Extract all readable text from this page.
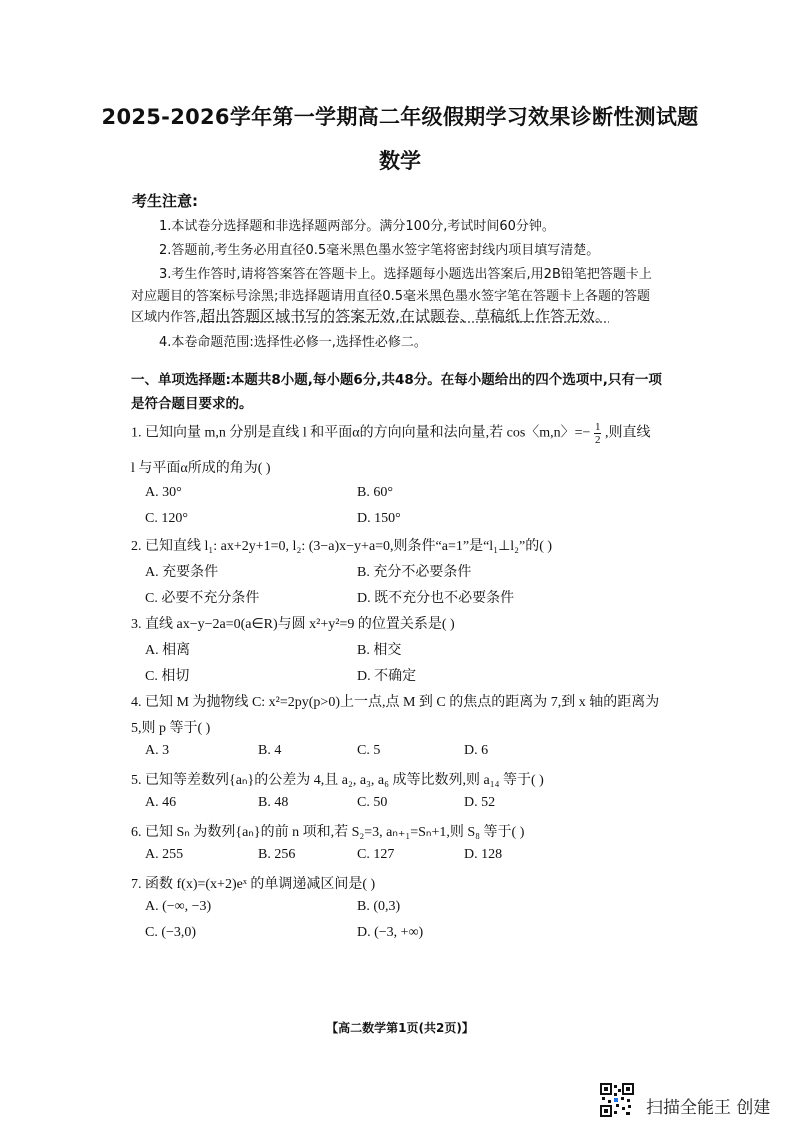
2025-2026学年第一学期高二年级假期学习效果诊断性测试题
数学
考生注意:
1.本试卷分选择题和非选择题两部分。满分100分,考试时间60分钟。
2.答题前,考生务必用直径0.5毫米黑色墨水签字笔将密封线内项目填写清楚。
3.考生作答时,请将答案答在答题卡上。选择题每小题选出答案后,用2B铅笔把答题卡上
对应题目的答案标号涂黑;非选择题请用直径0.5毫米黑色墨水签字笔在答题卡上各题的答题
区域内作答,超出答题区域书写的答案无效,在试题卷、草稿纸上作答无效。
4.本卷命题范围:选择性必修一,选择性必修二。
一、单项选择题:本题共8小题,每小题6分,共48分。在每小题给出的四个选项中,只有一项
是符合题目要求的。
1. 已知向量 m,n 分别是直线 l 和平面α的方向向量和法向量,若 cos〈m,n〉=− $\frac{1}{2}$ ,则直线
l 与平面α所成的角为( )
A. 30°	B. 60°
C. 120°	D. 150°
2. 已知直线 l₁: ax+2y+1=0, l₂: (3−a)x−y+a=0,则条件“a=1”是“l₁⊥l₂”的( )
A. 充要条件	B. 充分不必要条件
C. 必要不充分条件	D. 既不充分也不必要条件
3. 直线 ax−y−2a=0(a∈R)与圆 x²+y²=9 的位置关系是( )
A. 相离	B. 相交
C. 相切	D. 不确定
4. 已知 M 为抛物线 C: x²=2py(p>0)上一点,点 M 到 C 的焦点的距离为 7,到 x 轴的距离为
5,则 p 等于( )
A. 3	B. 4	C. 5	D. 6
5. 已知等差数列{aₙ}的公差为 4,且 a₂, a₃, a₆ 成等比数列,则 a₁₄ 等于( )
A. 46	B. 48	C. 50	D. 52
6. 已知 Sₙ 为数列{aₙ}的前 n 项和,若 S₂=3, aₙ₊₁=Sₙ+1,则 S₈ 等于( )
A. 255	B. 256	C. 127	D. 128
7. 函数 f(x)=(x+2)eˣ 的单调递减区间是( )
A. (−∞, −3)	B. (0,3)
C. (−3,0)	D. (−3, +∞)
【高二数学第1页(共2页)】
扫描全能王 创建
